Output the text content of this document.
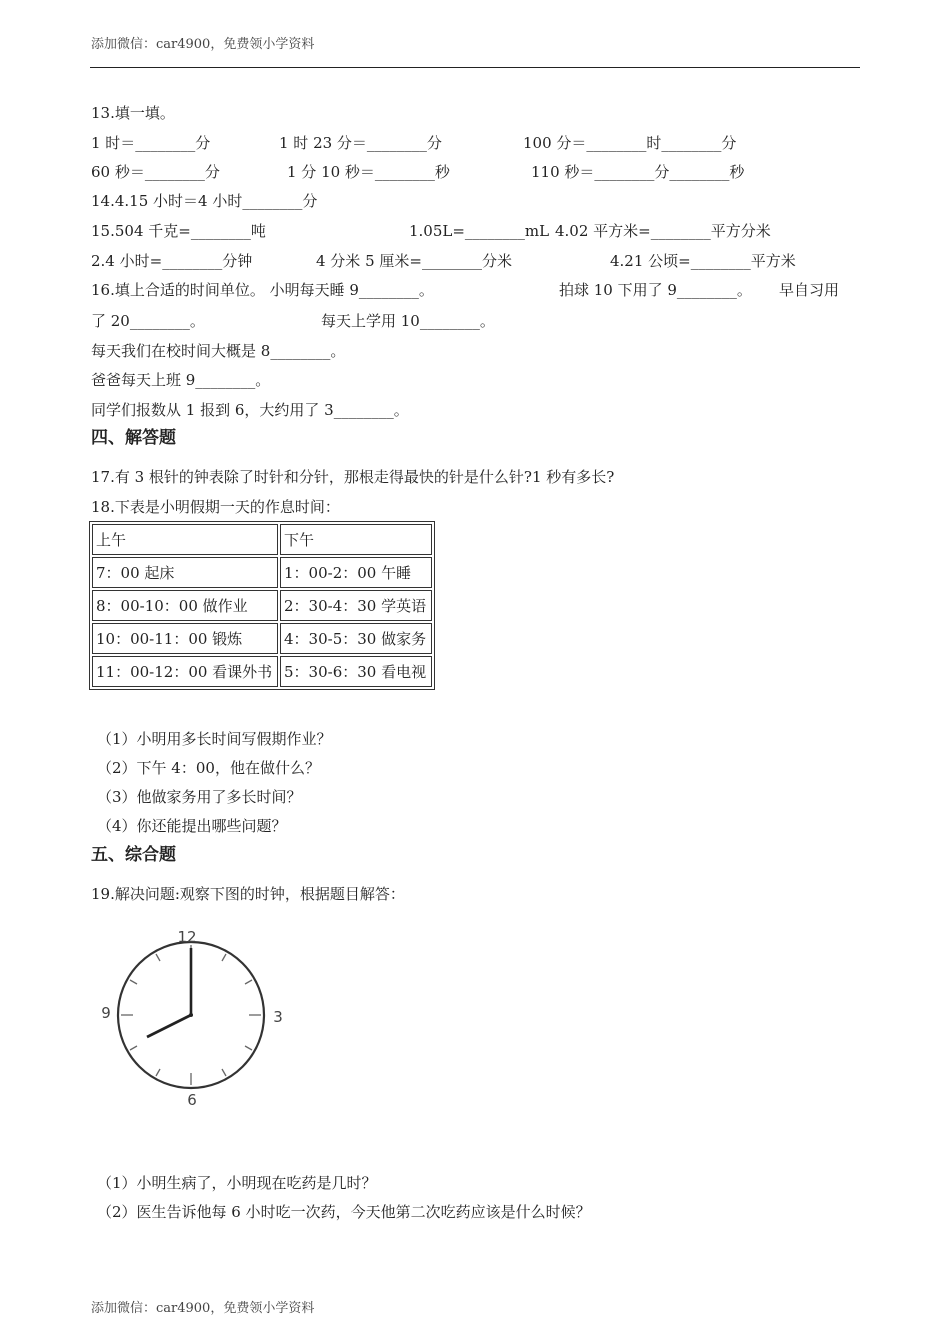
添加微信：car4900，免费领小学资料
13.填一填。
1 时＝________分	1 时 23 分＝________分	100 分＝________时________分
60 秒＝________分	1 分 10 秒＝________秒	110 秒＝________分________秒
14.4.15 小时＝4 小时________分
15.504 千克=________吨	1.05L=________mL 4.02 平方米=________平方分米
2.4 小时=________分钟	4 分米 5 厘米=________分米	4.21 公顷=________平方米
16.填上合适的时间单位。 小明每天睡 9________。	拍球 10 下用了 9________。 早自习用
了 20________。	每天上学用 10________。
每天我们在校时间大概是 8________。
爸爸每天上班 9________。
同学们报数从 1 报到 6，大约用了 3________。
四、解答题
17.有 3 根针的钟表除了时针和分针，那根走得最快的针是什么针?1 秒有多长?
18.下表是小明假期一天的作息时间：
上午	下午
7：00 起床	1：00-2：00 午睡
8：00-10：00 做作业	2：30-4：30 学英语
10：00-11：00 锻炼	4：30-5：30 做家务
11：00-12：00 看课外书	5：30-6：30 看电视
（1）小明用多长时间写假期作业？
（2）下午 4：00，他在做什么？
（3）他做家务用了多长时间？
（4）你还能提出哪些问题？
五、综合题
19.解决问题:观察下图的时钟，根据题目解答：
12
3
6
9
（1）小明生病了，小明现在吃药是几时？
（2）医生告诉他每 6 小时吃一次药，今天他第二次吃药应该是什么时候？
添加微信：car4900，免费领小学资料
